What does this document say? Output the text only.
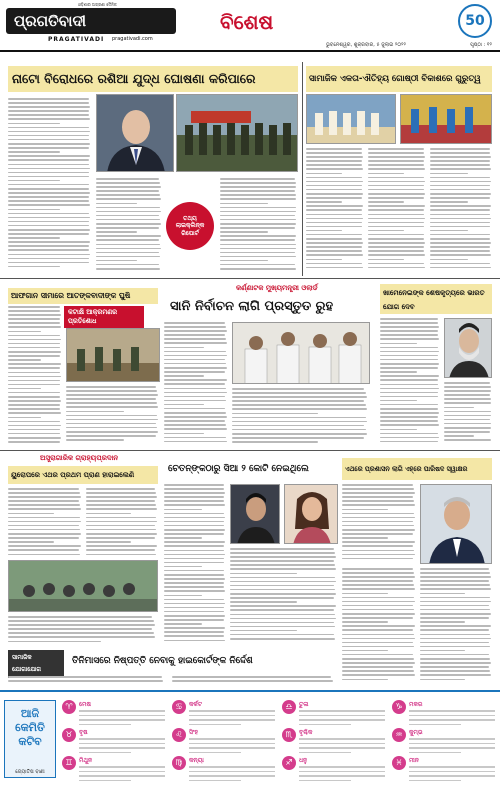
ଓଡ଼ିଶାର ଅଗ୍ରଣୀ ଦୈନିକ
ପ୍ରଗତିବାଦୀ
PRAGATIVADI pragativadi.com
ବିଶେଷ	50
ଭୁବନେଶ୍ୱର, ଶୁକ୍ରବାର, ୫ ଜୁଲାଇ ୨୦୨୨	ପୃଷ୍ଠା : ୧୨
ନାଟୋ ବିରୋଧରେ ରଶିଆ ଯୁଦ୍ଧ ଘୋଷଣା କରିପାରେ
ତଥ୍ୟ ଲାଇକ୍ଲିନ୍କ ରିପୋର୍ଟ
ସାମାଜିକ ଏକତା-ଐତିହ୍ୟ ଗୋଷ୍ଠୀ ବିକାଶରେ ଗୁରୁତ୍ୱ
ଆଫଗାନ ସୀମାରେ ଆତଙ୍କବାଦୀଙ୍କ ଘୁଷି
କଟାକ୍ଷି ଆକ୍ରମଣର ପ୍ରତିଶୋଧ
କର୍ଣ୍ଣାଟକ ମୁଖ୍ୟମନ୍ତ୍ରୀ ଓଲାର୍ଡ
ସାନି ନିର୍ବାଚନ ଲାଗି ପ୍ରସ୍ତୁତ ରୁହ
ଖାମେନେଇଙ୍କ ଶେଷକୃତ୍ୟରେ ଭାରତ ଯୋଗ ଦେବ
ଅସ୍ତ୍ରାଗାରିକ ଗ୍ରାହ୍ୟପ୍ରଦାନ
ୟୁରୋପରେ ଏଥର ପ୍ରଥମ ପ୍ରାଣ ହାରାଇଲେଣି
ଚେତନ୍‌ଙ୍କଠାରୁ ସିଆ ୨ କୋଟି ନେଇଥିଲେ	ଏଥରେ ପ୍ରଶାସନ ଲାଗି ଏହ୍ରେ ପାରିଷଦ ସ୍ୱାକ୍ଷର
ସାମାଜିକ ଯୋଗାଯୋଗ
ତିନିମାସରେ ନିଷ୍ପତ୍ତି ନେବାକୁ ହାଇକୋର୍ଟଙ୍କ ନିର୍ଦ୍ଦେଶ
ଆଜି କେମିତି କଟିବ
ଜ୍ୟୋତିଷ ବାଣୀ
♈	ମେଷ
♉	ବୃଷ
♊	ମିଥୁନ
♋	କର୍କଟ
♌	ସିଂହ
♍	କନ୍ୟା
♎	ତୁଳା
♏	ବୃଶ୍ଚିକ
♐	ଧନୁ
♑	ମକର
♒	କୁମ୍ଭ
♓	ମୀନ
